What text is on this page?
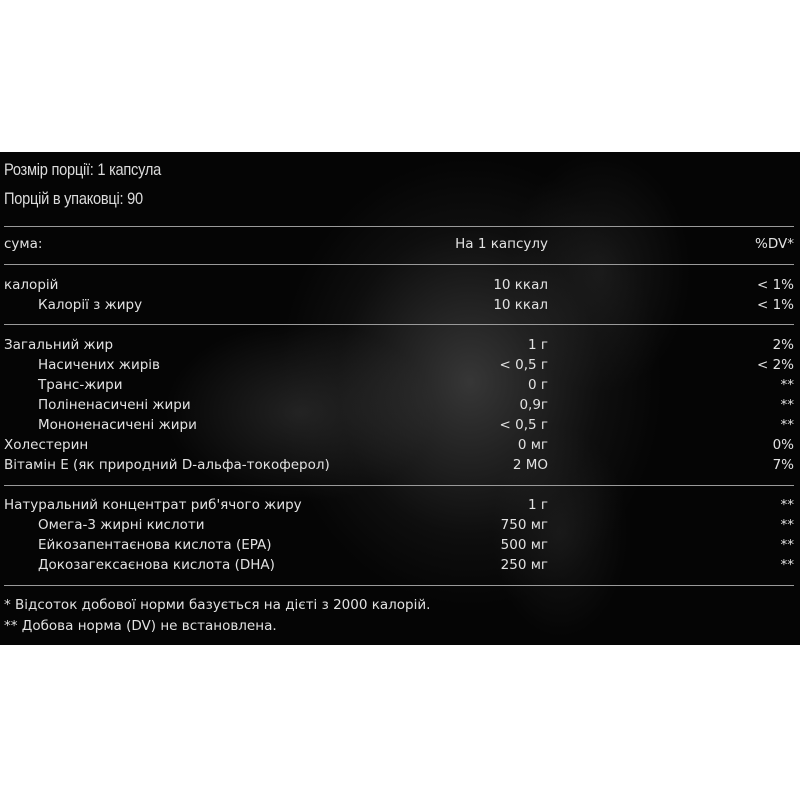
Розмір порції: 1 капсула
Порцій в упаковці: 90
сума:	На 1 капсулу	%DV*
калорій	10 ккал	< 1%
Калорії з жиру	10 ккал	< 1%
Загальний жир	1 г	2%
Насичених жирів	< 0,5 г	< 2%
Транс-жири	0 г	**
Поліненасичені жири	0,9г	**
Мононенасичені жири	< 0,5 г	**
Холестерин	0 мг	0%
Вітамін E (як природний D-альфа-токоферол)	2 МО	7%
Натуральний концентрат риб'ячого жиру	1 г	**
Омега-3 жирні кислоти	750 мг	**
Ейкозапентаєнова кислота (EPA)	500 мг	**
Докозагексаєнова кислота (DHA)	250 мг	**
* Відсоток добової норми базується на дієті з 2000 калорій.
** Добова норма (DV) не встановлена.
